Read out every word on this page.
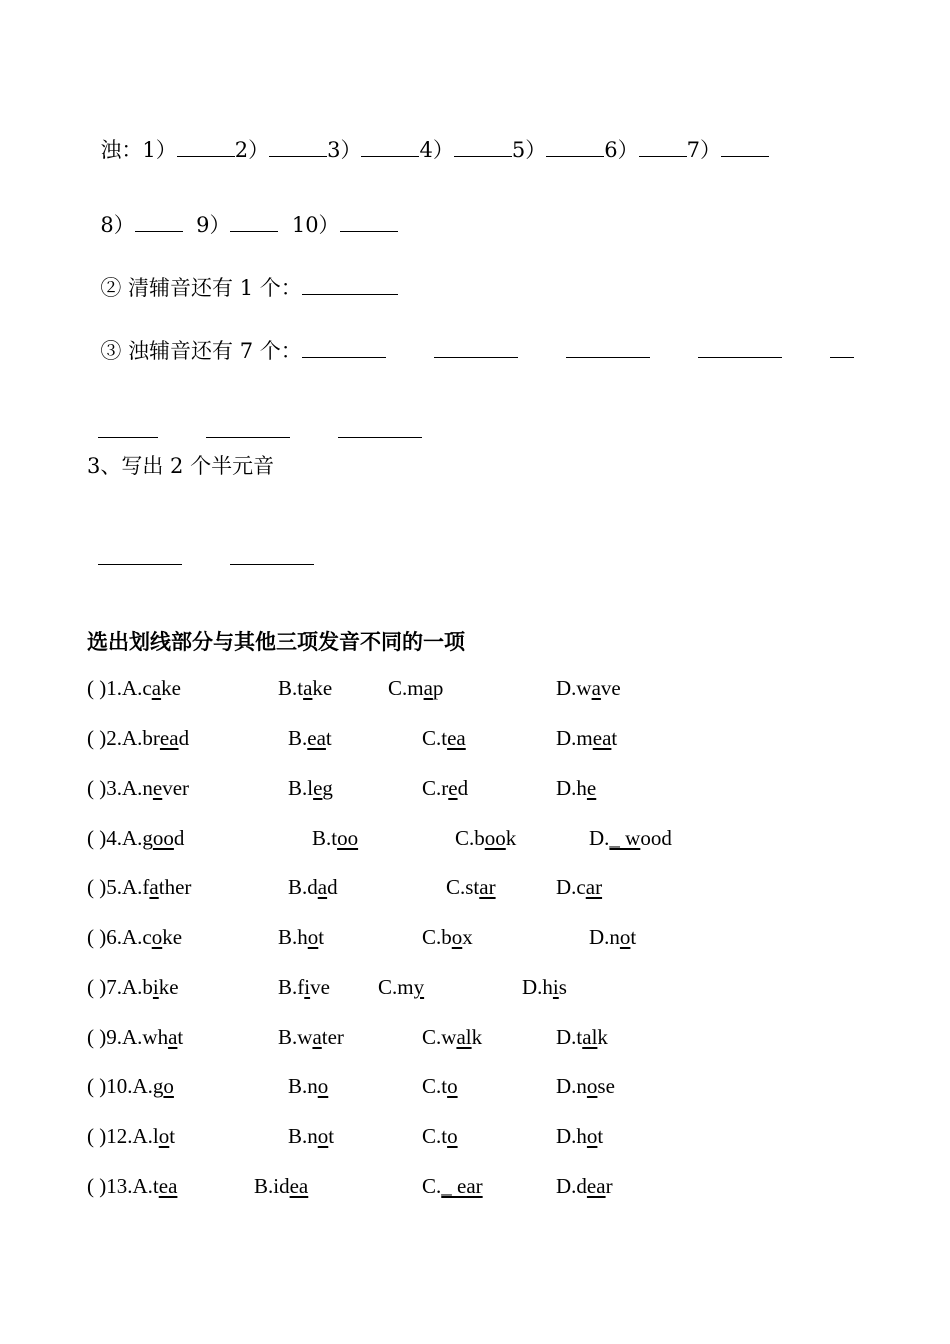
浊：1）	2）	3）	4）	5）	6） 7）

8）	9）	10）

② 清辅音还有 1 个：

③ 浊辅音还有 7 个：

3、写出 2 个半元音

选出划线部分与其他三项发音不同的一项
( )1.A.cake	B.take	C.map	D.wave
( )2.A.bread	B.eat	C.tea	D.meat
( )3.A.never	B.leg	C.red	D.he
( )4.A.good	B.too	C.book	D._ wood
( )5.A.father	B.dad	C.star	D.car
( )6.A.coke	B.hot	C.box	D.not
( )7.A.bike	B.five C.my	D.his
( )9.A.what	B.water	C.walk	D.talk
( )10.A.go	B.no	C.to	D.nose
( )12.A.lot	B.not	C.to	D.hot
( )13.A.tea	B.idea	C._ ear	D.dear
